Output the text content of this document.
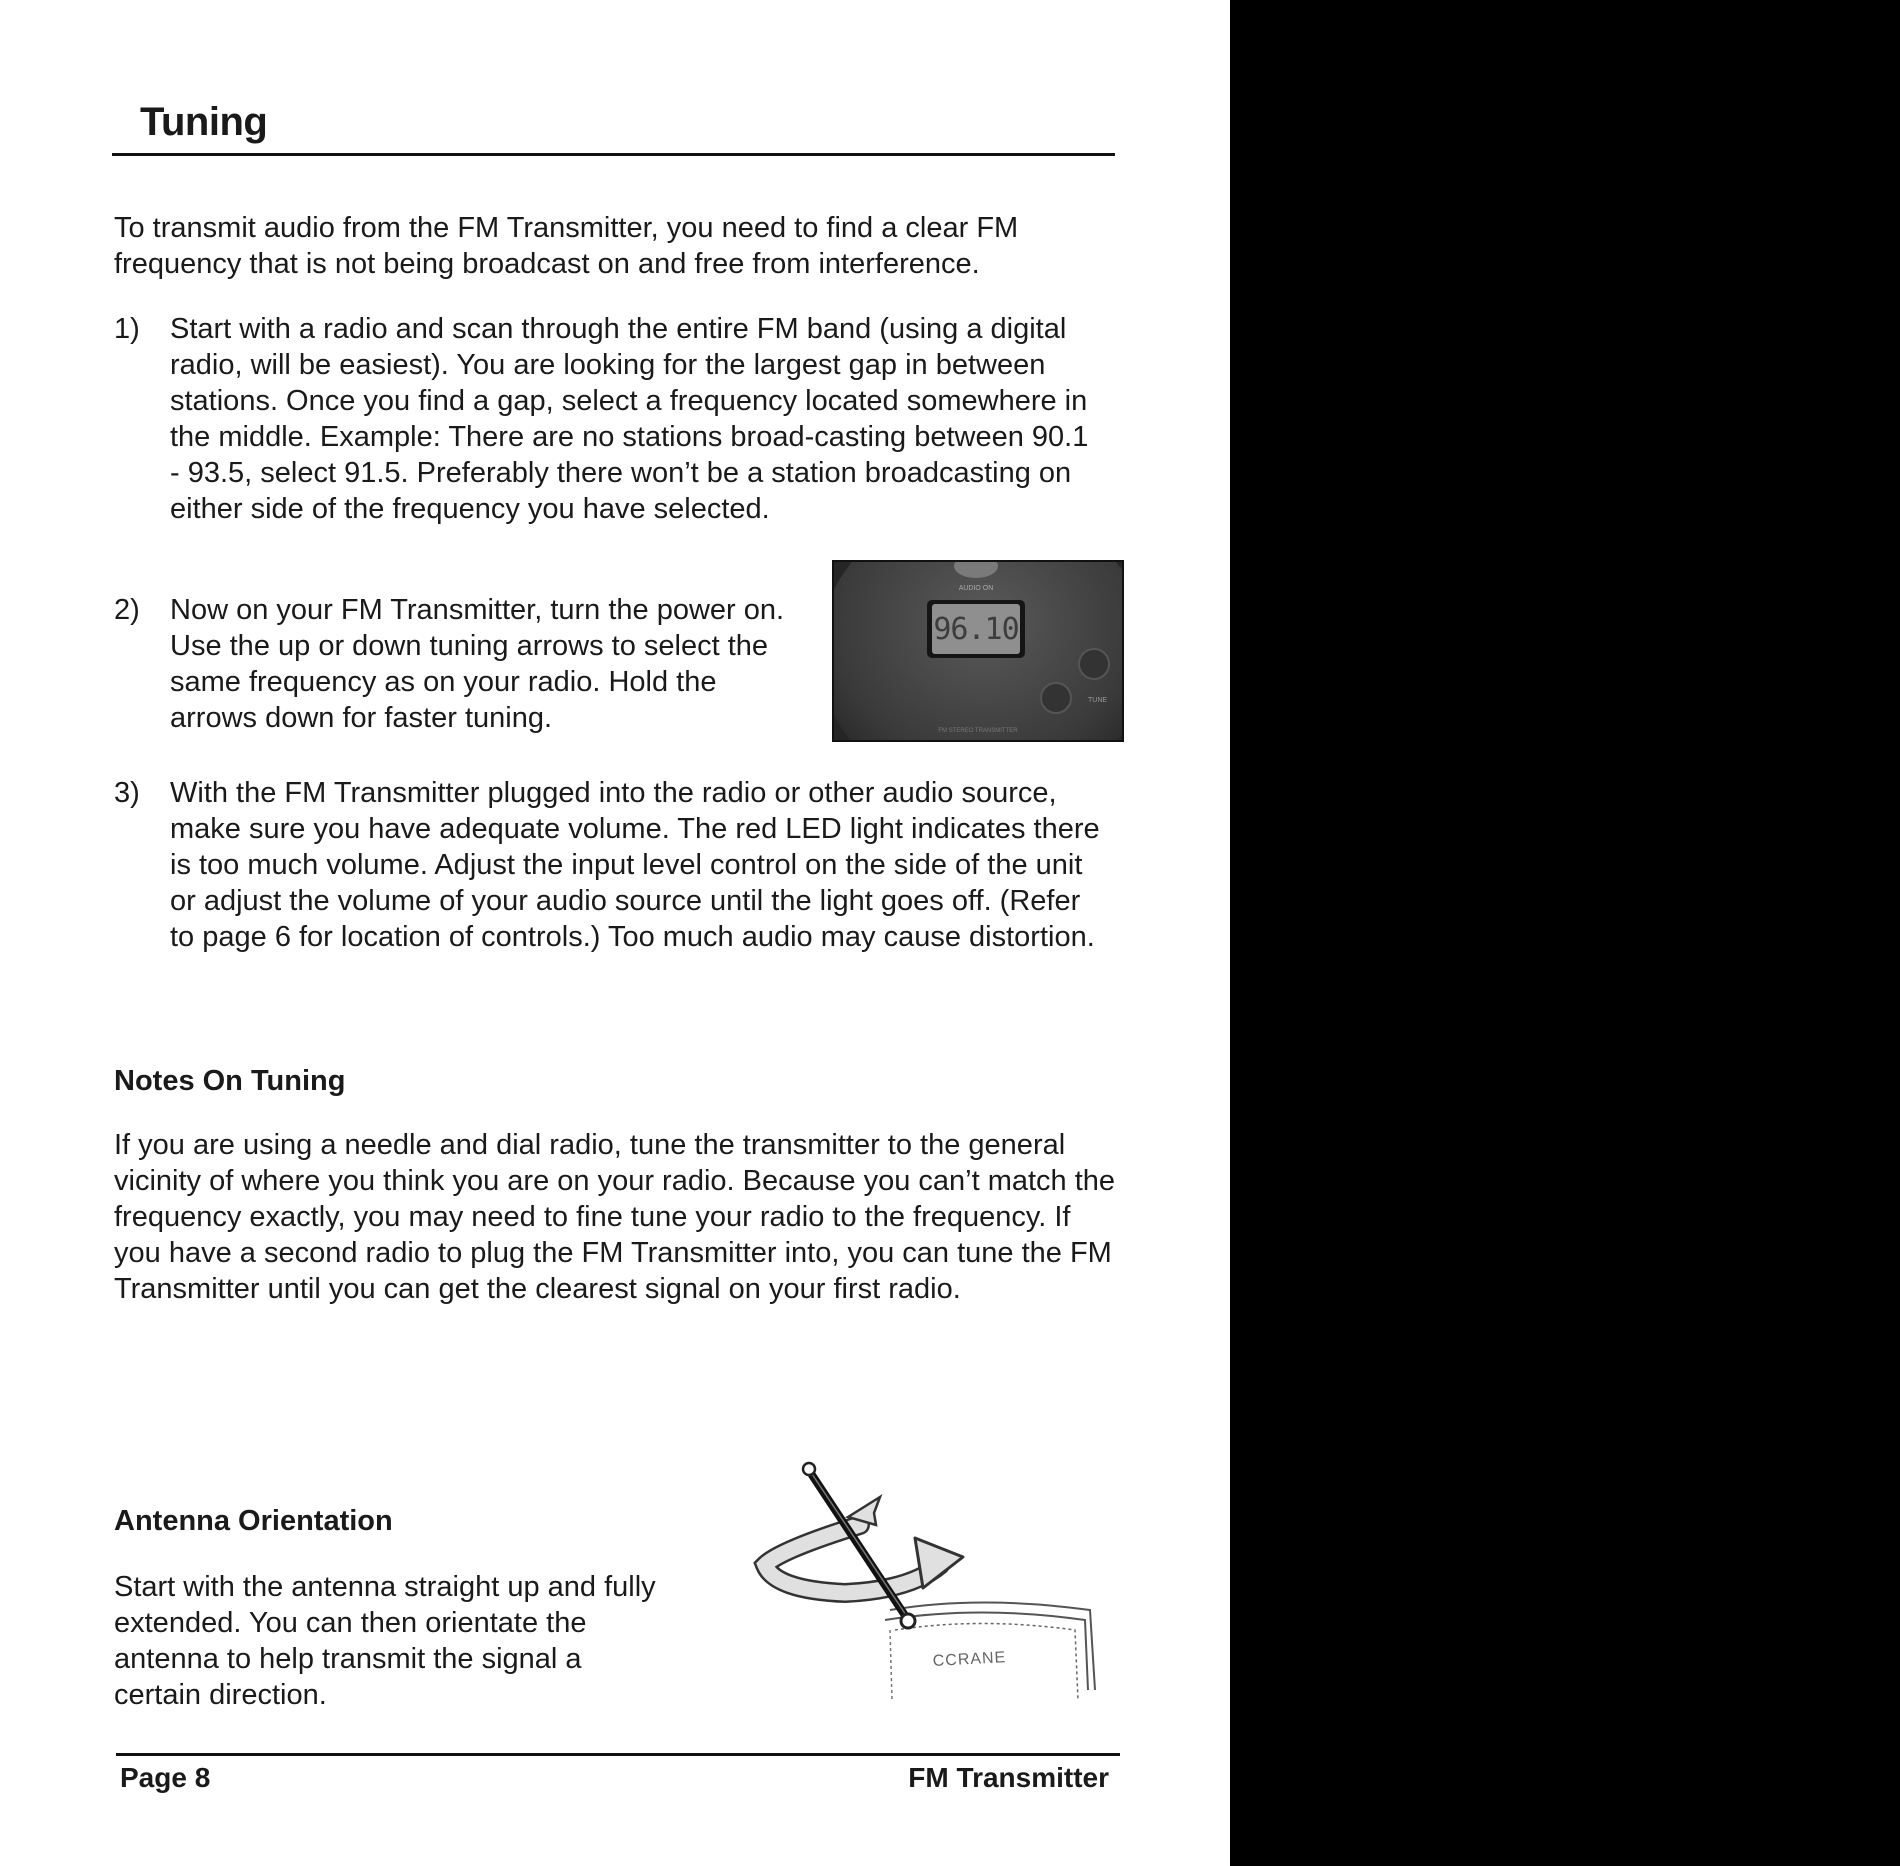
Tuning

To transmit audio from the FM Transmitter, you need to find a clear FM frequency that is not being broadcast on and free from interference.

1) Start with a radio and scan through the entire FM band (using a digital radio, will be easiest). You are looking for the largest gap in between stations. Once you find a gap, select a frequency located somewhere in the middle. Example: There are no stations broad-casting between 90.1 - 93.5, select 91.5. Preferably there won’t be a station broadcasting on either side of the frequency you have selected.

2) Now on your FM Transmitter, turn the power on. Use the up or down tuning arrows to select the same frequency as on your radio. Hold the arrows down for faster tuning.

AUDIO ON
96.10
TUNE
FM STEREO TRANSMITTER
3) With the FM Transmitter plugged into the radio or other audio source, make sure you have adequate volume. The red LED light indicates there is too much volume. Adjust the input level control on the side of the unit or adjust the volume of your audio source until the light goes off. (Refer to page 6 for location of controls.) Too much audio may cause distortion.

Notes On Tuning

If you are using a needle and dial radio, tune the transmitter to the general vicinity of where you think you are on your radio. Because you can’t match the frequency exactly, you may need to fine tune your radio to the frequency. If you have a second radio to plug the FM Transmitter into, you can tune the FM Transmitter until you can get the clearest signal on your first radio.

Antenna Orientation

Start with the antenna straight up and fully extended. You can then orientate the antenna to help transmit the signal a certain direction.

CCRANE
Page 8	FM Transmitter
